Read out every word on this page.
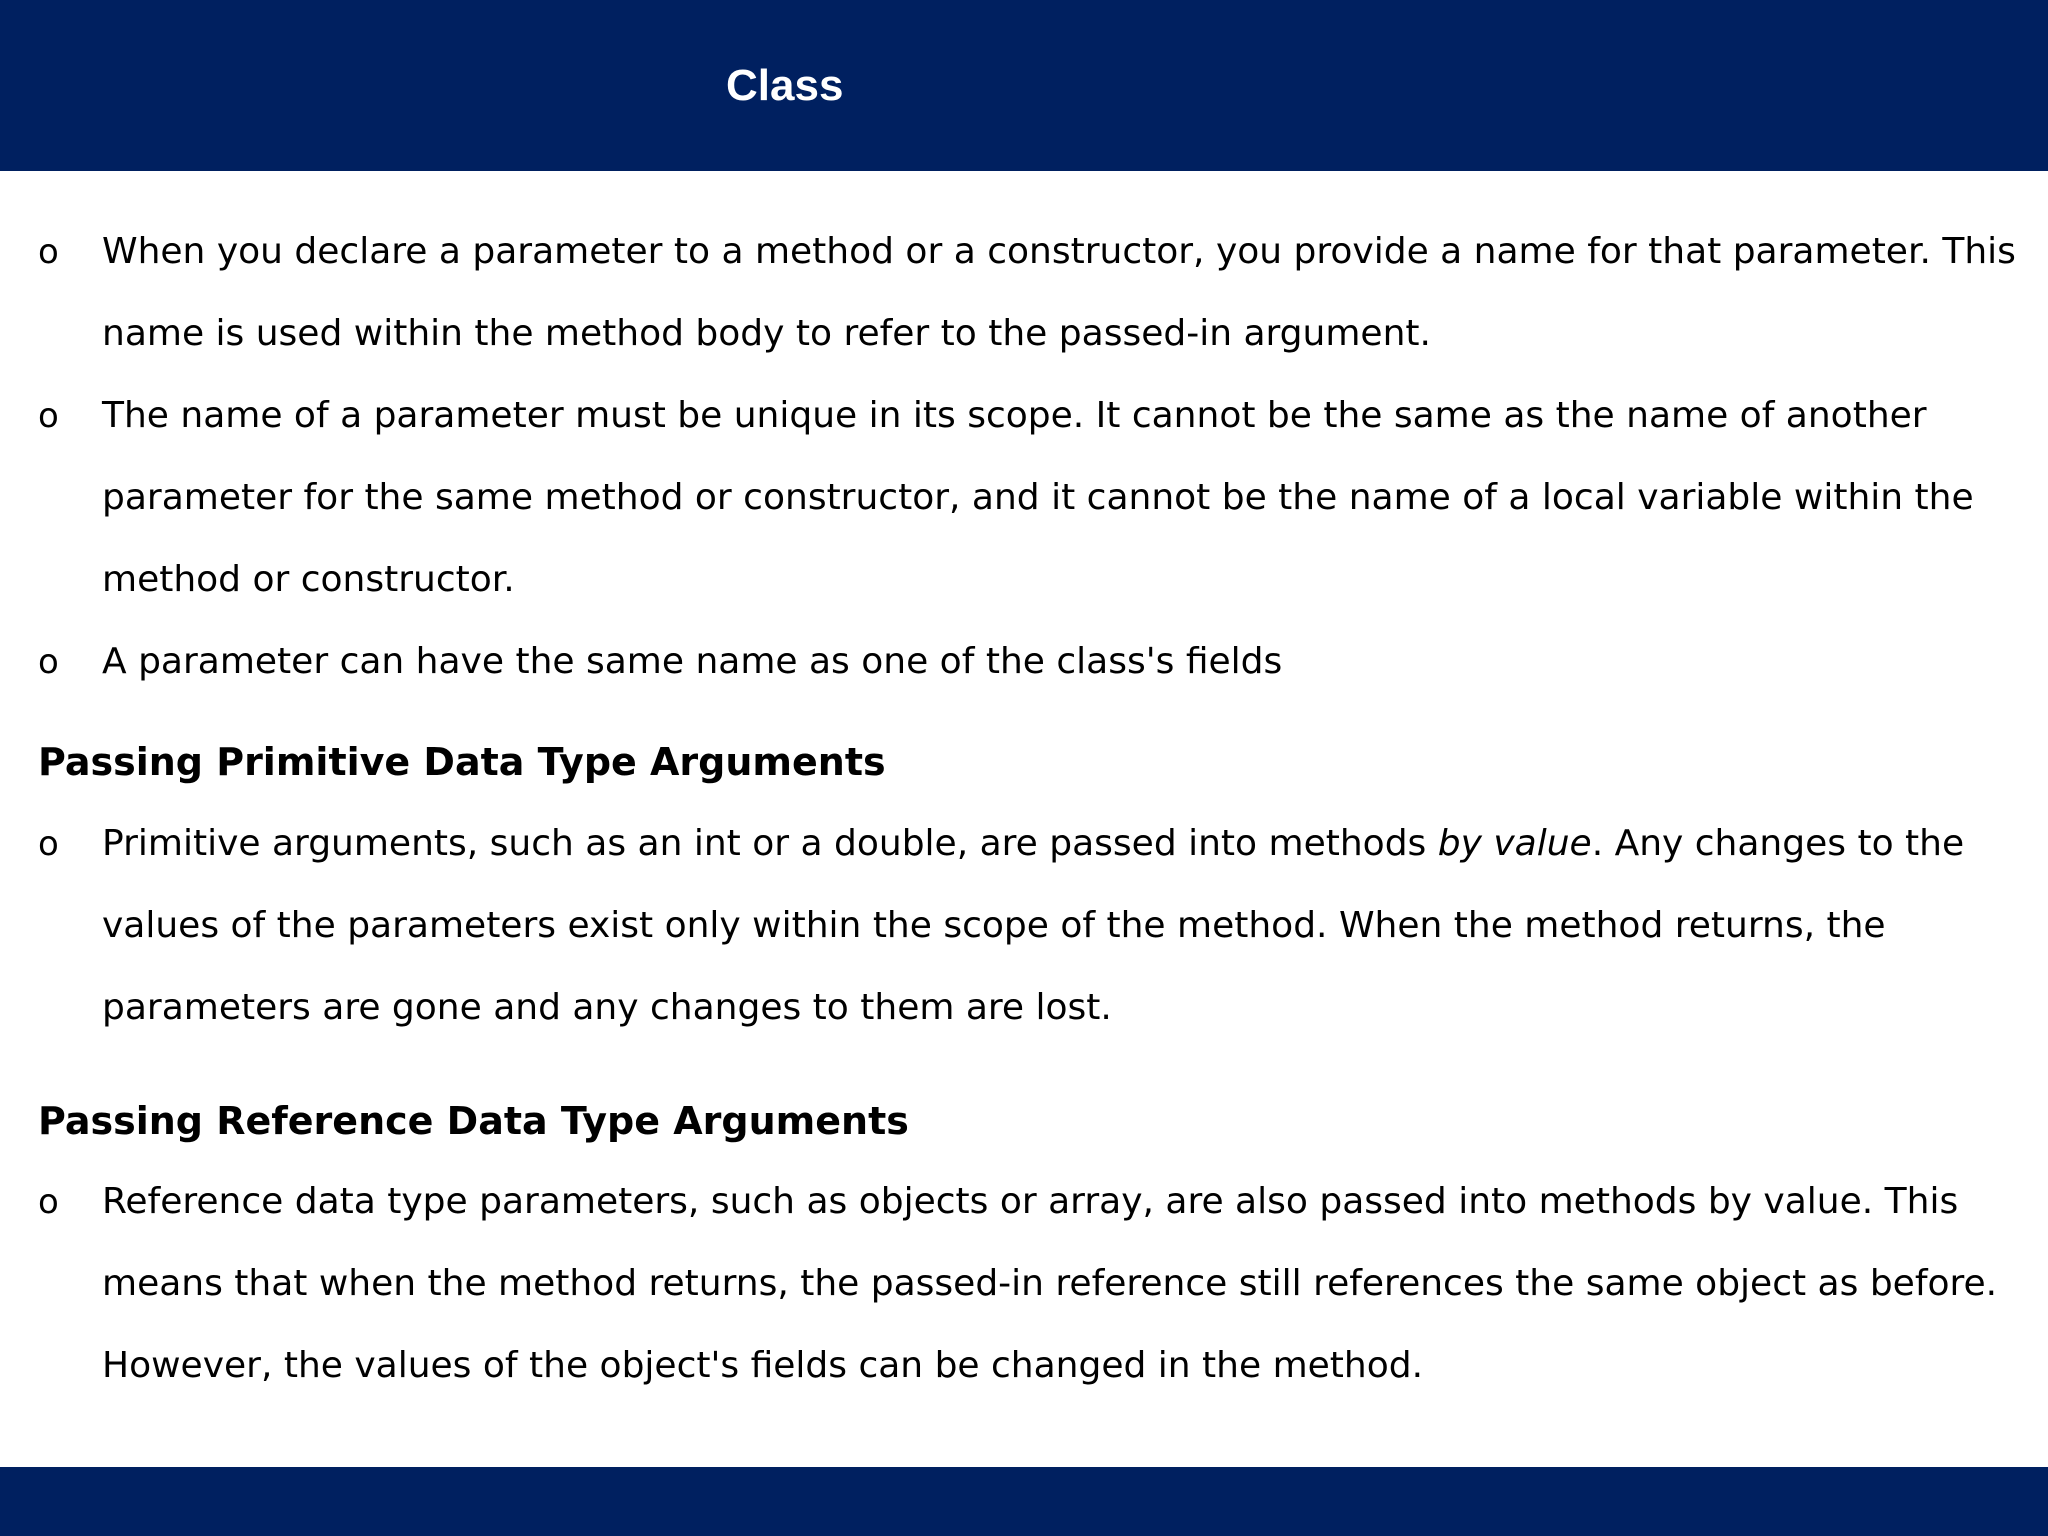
Class
o When you declare a parameter to a method or a constructor, you provide a name for that parameter. This name is used within the method body to refer to the passed-in argument.

o The name of a parameter must be unique in its scope. It cannot be the same as the name of another parameter for the same method or constructor, and it cannot be the name of a local variable within the method or constructor.

o A parameter can have the same name as one of the class's fields

Passing Primitive Data Type Arguments
o Primitive arguments, such as an int or a double, are passed into methods by value. Any changes to the values of the parameters exist only within the scope of the method. When the method returns, the parameters are gone and any changes to them are lost.

Passing Reference Data Type Arguments
o Reference data type parameters, such as objects or array, are also passed into methods by value. This means that when the method returns, the passed-in reference still references the same object as before. However, the values of the object's fields can be changed in the method.
